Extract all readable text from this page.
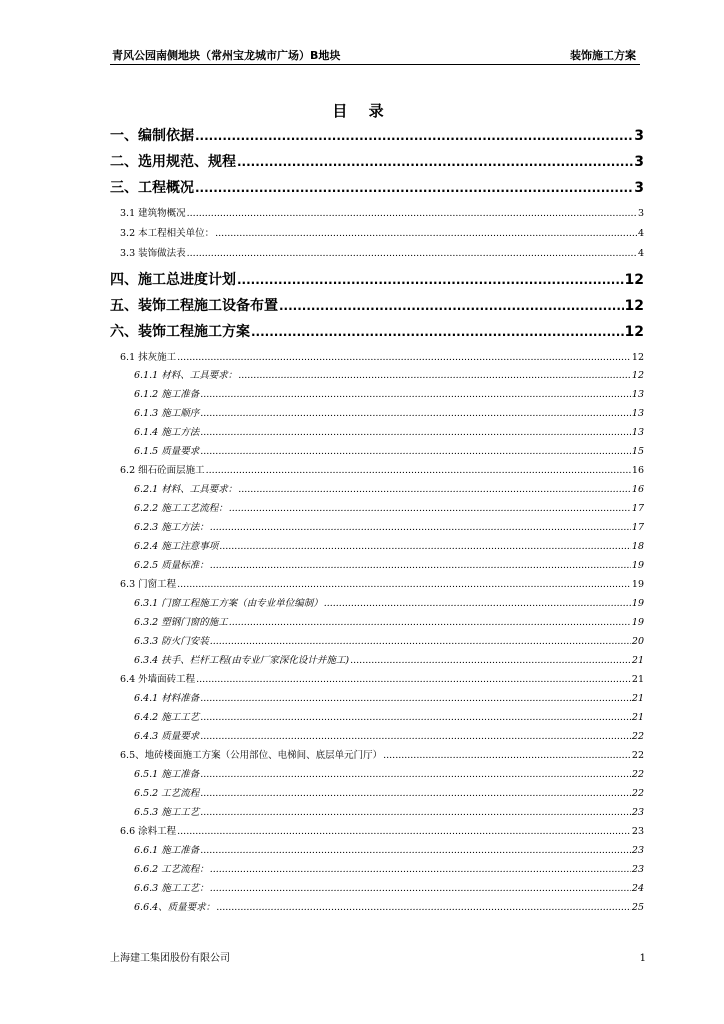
青风公园南侧地块（常州宝龙城市广场）B地块	装饰施工方案
目 录
一、编制依据 .....	3
二、选用规范、规程 .....	3
三、工程概况 .....	3
3.1 建筑物概况 .....	3
3.2 本工程相关单位： .....	4
3.3 装饰做法表 .....	4
四、施工总进度计划 .....	12
五、装饰工程施工设备布置 .....	12
六、装饰工程施工方案 .....	12
6.1 抹灰施工 .....	12
6.1.1 材料、工具要求： .....	12
6.1.2 施工准备 .....	13
6.1.3 施工顺序 .....	13
6.1.4 施工方法 .....	13
6.1.5 质量要求 .....	15
6.2 细石砼面层施工 .....	16
6.2.1 材料、工具要求： .....	16
6.2.2 施工工艺流程： .....	17
6.2.3 施工方法： .....	17
6.2.4 施工注意事项 .....	18
6.2.5 质量标准： .....	19
6.3 门窗工程 .....	19
6.3.1 门窗工程施工方案（由专业单位编制） .....	19
6.3.2 塑钢门窗的施工 .....	19
6.3.3 防火门安装 .....	20
6.3.4 扶手、栏杆工程(由专业厂家深化设计并施工) .....	21
6.4 外墙面砖工程 .....	21
6.4.1 材料准备 .....	21
6.4.2 施工工艺 .....	21
6.4.3 质量要求 .....	22
6.5、地砖楼面施工方案（公用部位、电梯间、底层单元门厅） .....	22
6.5.1 施工准备 .....	22
6.5.2 工艺流程 .....	22
6.5.3 施工工艺 .....	23
6.6 涂料工程 .....	23
6.6.1 施工准备 .....	23
6.6.2 工艺流程： .....	23
6.6.3 施工工艺： .....	24
6.6.4、质量要求： .....	25
上海建工集团股份有限公司	1
